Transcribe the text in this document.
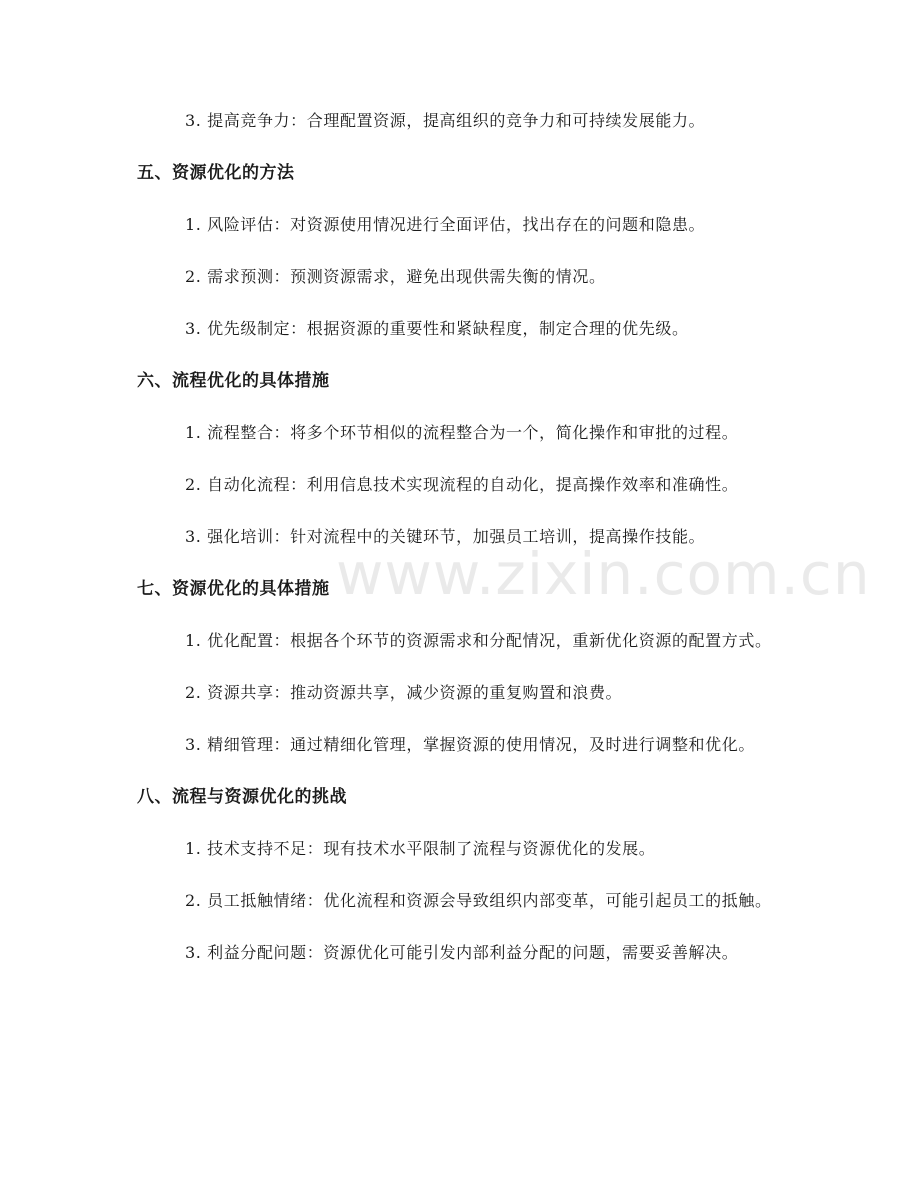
3. 提高竞争力：合理配置资源，提高组织的竞争力和可持续发展能力。

五、资源优化的方法

1. 风险评估：对资源使用情况进行全面评估，找出存在的问题和隐患。

2. 需求预测：预测资源需求，避免出现供需失衡的情况。

3. 优先级制定：根据资源的重要性和紧缺程度，制定合理的优先级。

六、流程优化的具体措施

1. 流程整合：将多个环节相似的流程整合为一个，简化操作和审批的过程。

2. 自动化流程：利用信息技术实现流程的自动化，提高操作效率和准确性。

3. 强化培训：针对流程中的关键环节，加强员工培训，提高操作技能。

七、资源优化的具体措施

1. 优化配置：根据各个环节的资源需求和分配情况，重新优化资源的配置方式。

2. 资源共享：推动资源共享，减少资源的重复购置和浪费。

3. 精细管理：通过精细化管理，掌握资源的使用情况，及时进行调整和优化。

八、流程与资源优化的挑战

1. 技术支持不足：现有技术水平限制了流程与资源优化的发展。

2. 员工抵触情绪：优化流程和资源会导致组织内部变革，可能引起员工的抵触。

3. 利益分配问题：资源优化可能引发内部利益分配的问题，需要妥善解决。

www.zixin.com.cn
